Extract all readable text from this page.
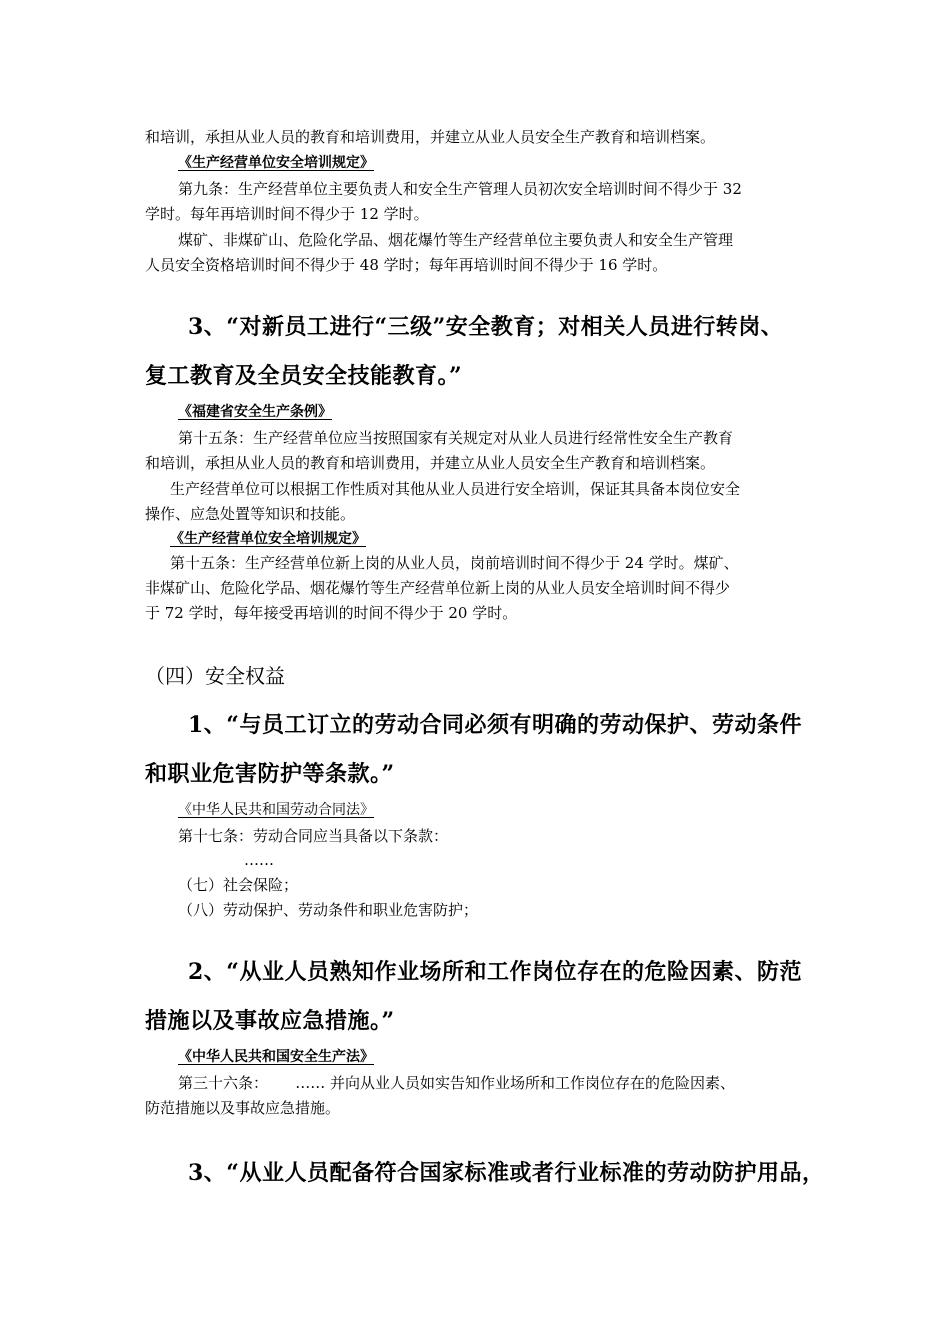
和培训，承担从业人员的教育和培训费用，并建立从业人员安全生产教育和培训档案。
《生产经营单位安全培训规定》
第九条：生产经营单位主要负责人和安全生产管理人员初次安全培训时间不得少于 32
学时。每年再培训时间不得少于 12 学时。
煤矿、非煤矿山、危险化学品、烟花爆竹等生产经营单位主要负责人和安全生产管理
人员安全资格培训时间不得少于 48 学时；每年再培训时间不得少于 16 学时。
3、“对新员工进行“三级”安全教育；对相关人员进行转岗、
复工教育及全员安全技能教育。”
《福建省安全生产条例》
第十五条：生产经营单位应当按照国家有关规定对从业人员进行经常性安全生产教育
和培训，承担从业人员的教育和培训费用，并建立从业人员安全生产教育和培训档案。
生产经营单位可以根据工作性质对其他从业人员进行安全培训，保证其具备本岗位安全
操作、应急处置等知识和技能。
《生产经营单位安全培训规定》
第十五条：生产经营单位新上岗的从业人员，岗前培训时间不得少于 24 学时。煤矿、
非煤矿山、危险化学品、烟花爆竹等生产经营单位新上岗的从业人员安全培训时间不得少
于 72 学时，每年接受再培训的时间不得少于 20 学时。
（四）安全权益
1、“与员工订立的劳动合同必须有明确的劳动保护、劳动条件
和职业危害防护等条款。”
《中华人民共和国劳动合同法》
第十七条：劳动合同应当具备以下条款：
……
（七）社会保险；
（八）劳动保护、劳动条件和职业危害防护；
2、“从业人员熟知作业场所和工作岗位存在的危险因素、防范
措施以及事故应急措施。”
《中华人民共和国安全生产法》
第三十六条：　　 …… 并向从业人员如实告知作业场所和工作岗位存在的危险因素、
防范措施以及事故应急措施。
3、“从业人员配备符合国家标准或者行业标准的劳动防护用品，
